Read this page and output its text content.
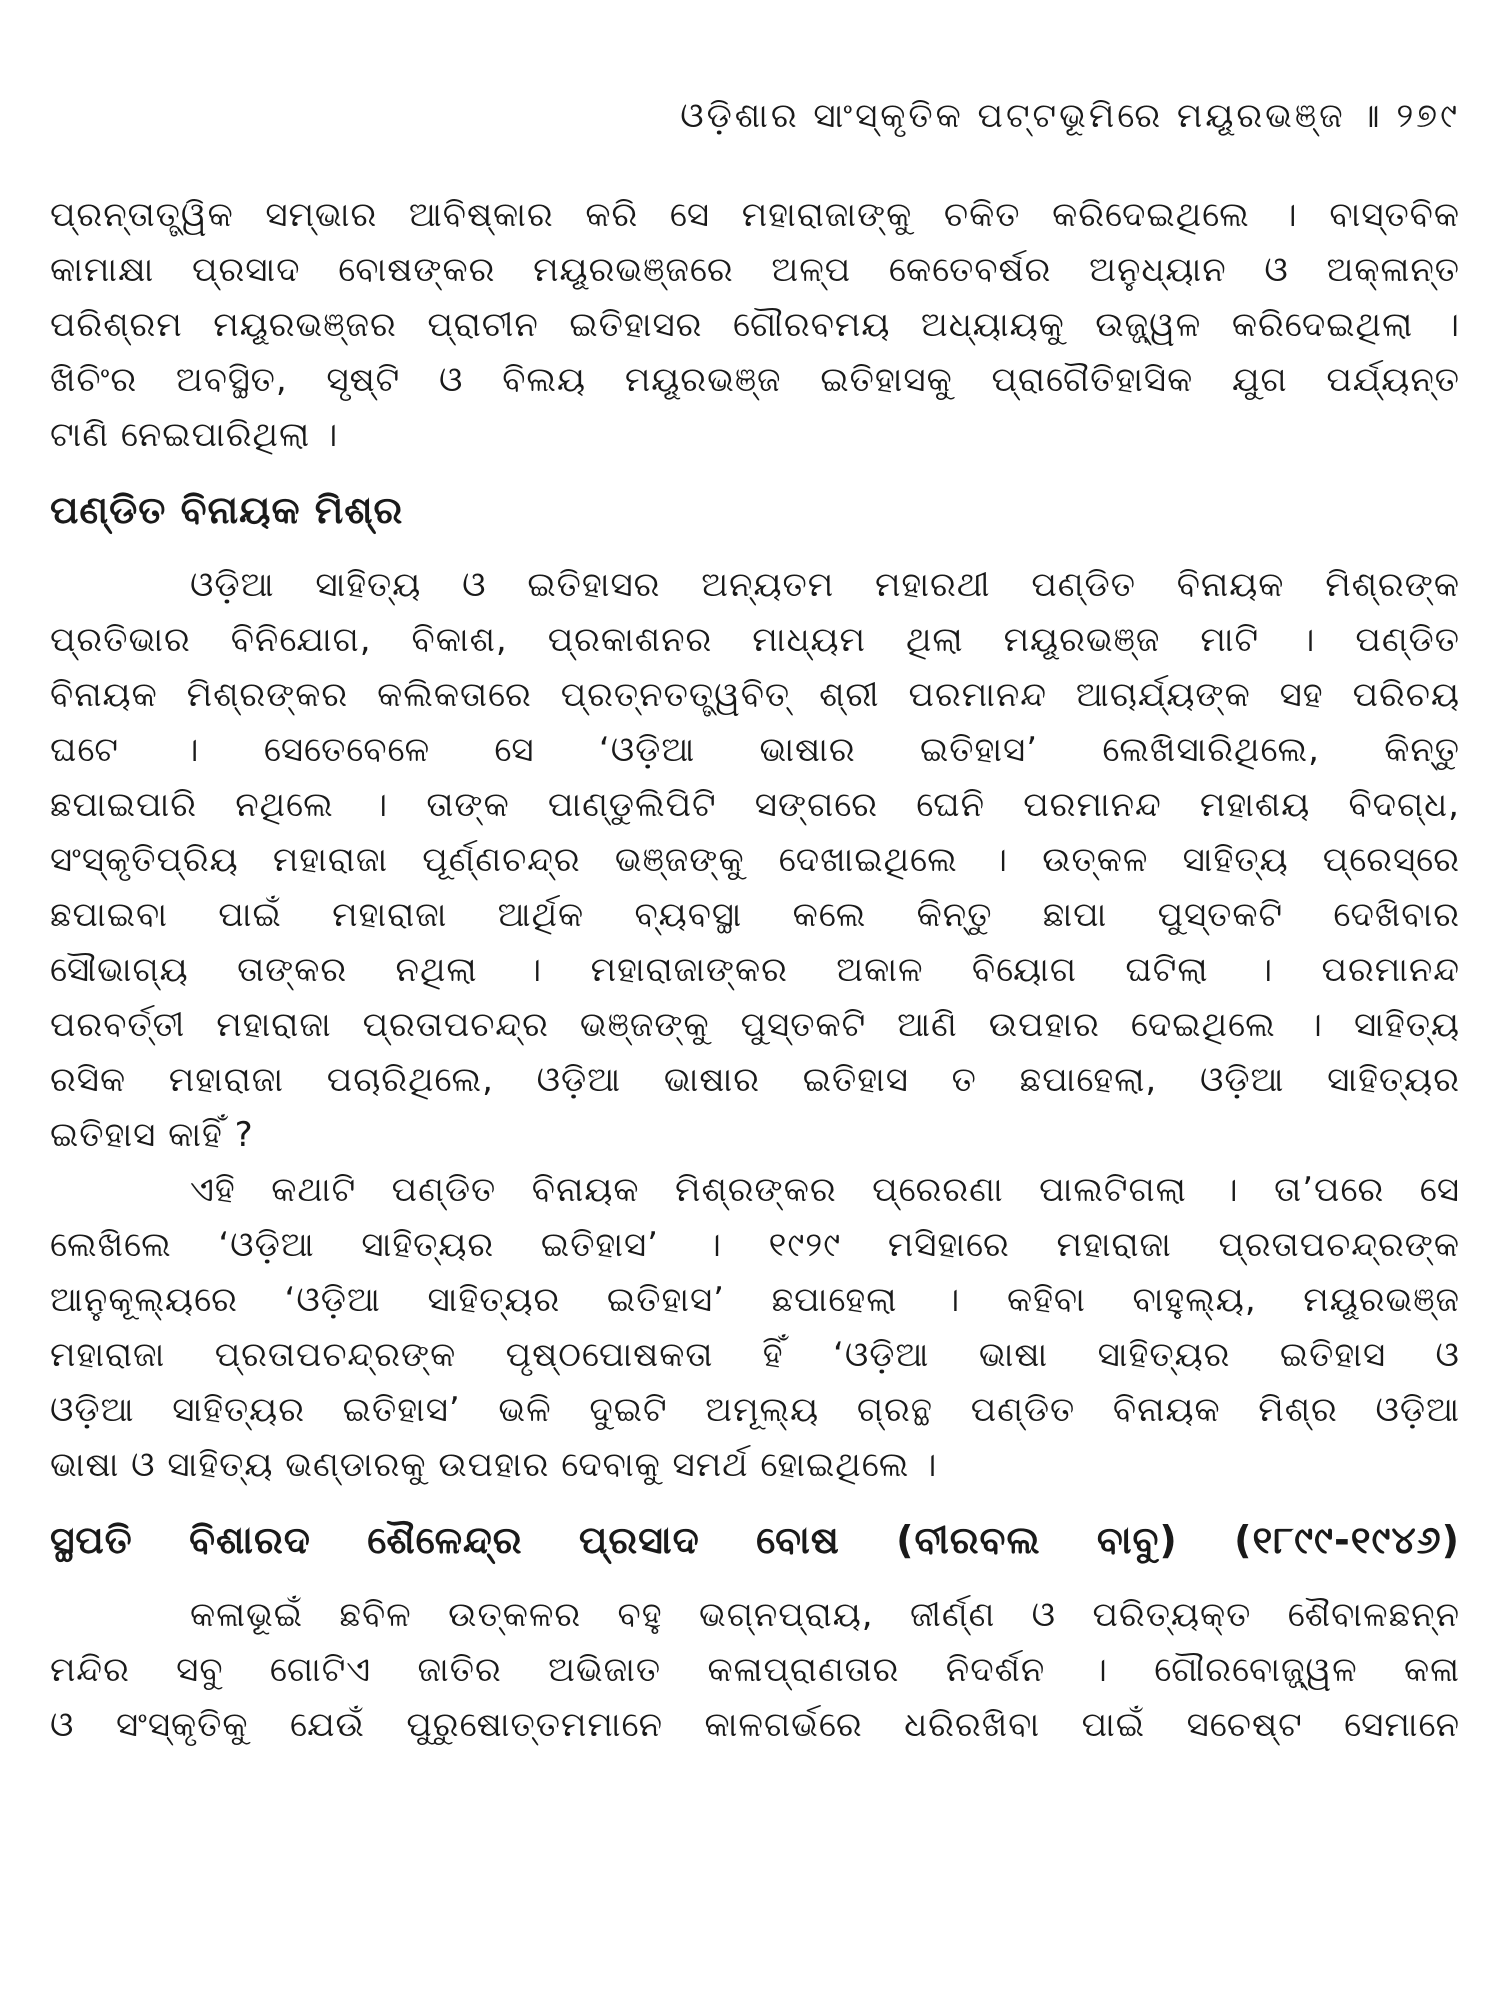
ଓଡ଼ିଶାର ସାଂସ୍କୃତିକ ପଟ୍ଟଭୂମିରେ ମୟୂରଭଞ୍ଜ ॥ ୨୭୯
ପ୍ରନ୍ତାତ୍ତ୍ୱିକ ସମ୍ଭାର ଆବିଷ୍କାର କରି ସେ ମହାରାଜାଙ୍କୁ ଚକିତ କରିଦେଇଥିଲେ । ବାସ୍ତବିକ
କାମାକ୍ଷା ପ୍ରସାଦ ବୋଷଙ୍କର ମୟୂରଭଞ୍ଜରେ ଅଳ୍ପ କେତେବର୍ଷର ଅନୁଧ୍ୟାନ ଓ ଅକ୍ଳାନ୍ତ
ପରିଶ୍ରମ ମୟୂରଭଞ୍ଜର ପ୍ରାଚୀନ ଇତିହାସର ଗୌରବମୟ ଅଧ୍ୟାୟକୁ ଉଜ୍ଜ୍ୱଳ କରିଦେଇଥିଲା ।
ଖିଚିଂର ଅବସ୍ଥିତ, ସୃଷ୍ଟି ଓ ବିଲୟ ମୟୂରଭଞ୍ଜ ଇତିହାସକୁ ପ୍ରାଗୈତିହାସିକ ଯୁଗ ପର୍ଯ୍ୟନ୍ତ
ଟାଣି ନେଇପାରିଥିଲା ।
ପଣ୍ଡିତ ବିନାୟକ ମିଶ୍ର
ଓଡ଼ିଆ ସାହିତ୍ୟ ଓ ଇତିହାସର ଅନ୍ୟତମ ମହାରଥୀ ପଣ୍ଡିତ ବିନାୟକ ମିଶ୍ରଙ୍କ
ପ୍ରତିଭାର ବିନିଯୋଗ, ବିକାଶ, ପ୍ରକାଶନର ମାଧ୍ୟମ ଥିଲା ମୟୂରଭଞ୍ଜ ମାଟି । ପଣ୍ଡିତ
ବିନାୟକ ମିଶ୍ରଙ୍କର କଲିକତାରେ ପ୍ରତ୍ନତତ୍ତ୍ୱବିତ୍ ଶ୍ରୀ ପରମାନନ୍ଦ ଆଚାର୍ଯ୍ୟଙ୍କ ସହ ପରିଚୟ
ଘଟେ । ସେତେବେଳେ ସେ ‘ଓଡ଼ିଆ ଭାଷାର ଇତିହାସ’ ଲେଖିସାରିଥିଲେ, କିନ୍ତୁ
ଛପାଇପାରି ନଥିଲେ । ତାଙ୍କ ପାଣ୍ଡୁଲିପିଟି ସଙ୍ଗରେ ଘେନି ପରମାନନ୍ଦ ମହାଶୟ ବିଦଗ୍ଧ,
ସଂସ୍କୃତିପ୍ରିୟ ମହାରାଜା ପୂର୍ଣ୍ଣଚନ୍ଦ୍ର ଭଞ୍ଜଙ୍କୁ ଦେଖାଇଥିଲେ । ଉତ୍କଳ ସାହିତ୍ୟ ପ୍ରେସ୍‌ରେ
ଛପାଇବା ପାଇଁ ମହାରାଜା ଆର୍ଥିକ ବ୍ୟବସ୍ଥା କଲେ କିନ୍ତୁ ଛାପା ପୁସ୍ତକଟି ଦେଖିବାର
ସୌଭାଗ୍ୟ ତାଙ୍କର ନଥିଲା । ମହାରାଜାଙ୍କର ଅକାଳ ବିୟୋଗ ଘଟିଲା । ପରମାନନ୍ଦ
ପରବର୍ତ୍ତୀ ମହାରାଜା ପ୍ରତାପଚନ୍ଦ୍ର ଭଞ୍ଜଙ୍କୁ ପୁସ୍ତକଟି ଆଣି ଉପହାର ଦେଇଥିଲେ । ସାହିତ୍ୟ
ରସିକ ମହାରାଜା ପଚାରିଥିଲେ, ଓଡ଼ିଆ ଭାଷାର ଇତିହାସ ତ ଛପାହେଲା, ଓଡ଼ିଆ ସାହିତ୍ୟର
ଇତିହାସ କାହିଁ ?
ଏହି କଥାଟି ପଣ୍ଡିତ ବିନାୟକ ମିଶ୍ରଙ୍କର ପ୍ରେରଣା ପାଲଟିଗଲା । ତା’ପରେ ସେ
ଲେଖିଲେ ‘ଓଡ଼ିଆ ସାହିତ୍ୟର ଇତିହାସ’ । ୧୯୨୯ ମସିହାରେ ମହାରାଜା ପ୍ରତାପଚନ୍ଦ୍ରଙ୍କ
ଆନୁକୂଲ୍ୟରେ ‘ଓଡ଼ିଆ ସାହିତ୍ୟର ଇତିହାସ’ ଛପାହେଲା । କହିବା ବାହୁଲ୍ୟ, ମୟୂରଭଞ୍ଜ
ମହାରାଜା ପ୍ରତାପଚନ୍ଦ୍ରଙ୍କ ପୃଷ୍ଠପୋଷକତା ହିଁ ‘ଓଡ଼ିଆ ଭାଷା ସାହିତ୍ୟର ଇତିହାସ ଓ
ଓଡ଼ିଆ ସାହିତ୍ୟର ଇତିହାସ’ ଭଳି ଦୁଇଟି ଅମୂଲ୍ୟ ଗ୍ରନ୍ଥ ପଣ୍ଡିତ ବିନାୟକ ମିଶ୍ର ଓଡ଼ିଆ
ଭାଷା ଓ ସାହିତ୍ୟ ଭଣ୍ଡାରକୁ ଉପହାର ଦେବାକୁ ସମର୍ଥ ହୋଇଥିଲେ ।
ସ୍ଥପତି ବିଶାରଦ ଶୈଳେନ୍ଦ୍ର ପ୍ରସାଦ ବୋଷ (ବୀରବଲ ବାବୁ) (୧୮୯୯-୧୯୪୬)
କଳାଭୂଇଁ ଛବିଳ ଉତ୍କଳର ବହୁ ଭଗ୍ନପ୍ରାୟ, ଜୀର୍ଣ୍ଣ ଓ ପରିତ୍ୟକ୍ତ ଶୈବାଳଛନ୍ନ
ମନ୍ଦିର ସବୁ ଗୋଟିଏ ଜାତିର ଅଭିଜାତ କଳାପ୍ରାଣତାର ନିଦର୍ଶନ । ଗୌରବୋଜ୍ଜ୍ୱଳ କଳା
ଓ ସଂସ୍କୃତିକୁ ଯେଉଁ ପୁରୁଷୋତ୍ତମମାନେ କାଳଗର୍ଭରେ ଧରିରଖିବା ପାଇଁ ସଚେଷ୍ଟ ସେମାନେ
